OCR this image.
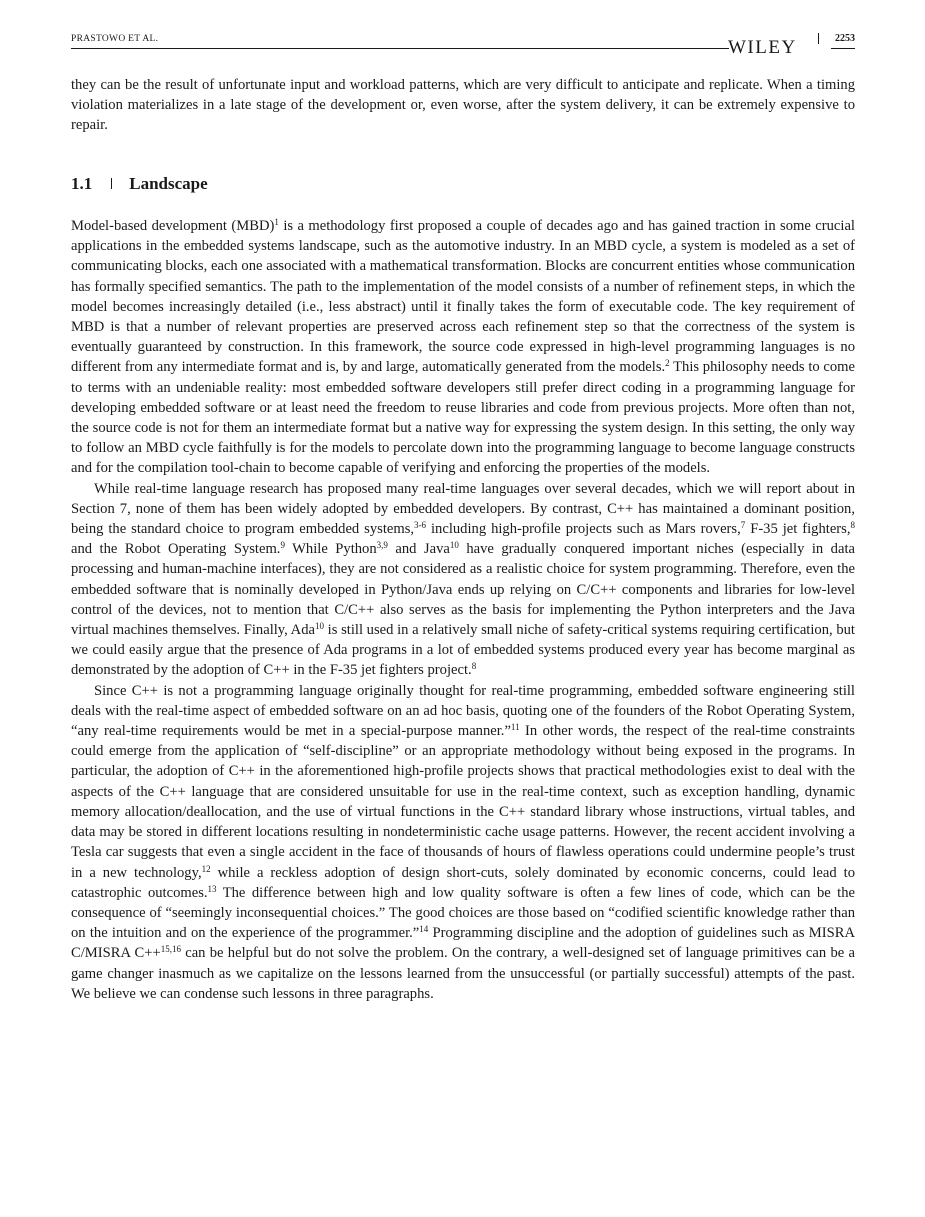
PRASTOWO ET AL.	WILEY	2253

they can be the result of unfortunate input and workload patterns, which are very difficult to anticipate and replicate. When a timing violation materializes in a late stage of the development or, even worse, after the system delivery, it can be extremely expensive to repair.

1.1 Landscape

Model-based development (MBD)$^1$ is a methodology first proposed a couple of decades ago and has gained traction in some crucial applications in the embedded systems landscape, such as the automotive industry. In an MBD cycle, a system is modeled as a set of communicating blocks, each one associated with a mathematical transformation. Blocks are concurrent entities whose communication has formally specified semantics. The path to the implementation of the model consists of a number of refinement steps, in which the model becomes increasingly detailed (i.e., less abstract) until it finally takes the form of executable code. The key requirement of MBD is that a number of relevant properties are preserved across each refinement step so that the correctness of the system is eventually guaranteed by construction. In this framework, the source code expressed in high-level programming languages is no different from any intermediate format and is, by and large, automatically generated from the models.$^2$ This philosophy needs to come to terms with an undeniable reality: most embedded software developers still prefer direct coding in a programming language for developing embedded software or at least need the freedom to reuse libraries and code from previous projects. More often than not, the source code is not for them an intermediate format but a native way for expressing the system design. In this setting, the only way to follow an MBD cycle faithfully is for the models to percolate down into the programming language to become language constructs and for the compilation tool-chain to become capable of verifying and enforcing the properties of the models.

While real-time language research has proposed many real-time languages over several decades, which we will report about in Section 7, none of them has been widely adopted by embedded developers. By contrast, C++ has maintained a dominant position, being the standard choice to program embedded systems,$^{3-6}$ including high-profile projects such as Mars rovers,$^7$ F-35 jet fighters,$^8$ and the Robot Operating System.$^9$ While Python$^{3,9}$ and Java$^{10}$ have gradually conquered important niches (especially in data processing and human-machine interfaces), they are not considered as a realistic choice for system programming. Therefore, even the embedded software that is nominally developed in Python/Java ends up relying on C/C++ components and libraries for low-level control of the devices, not to mention that C/C++ also serves as the basis for implementing the Python interpreters and the Java virtual machines themselves. Finally, Ada$^{10}$ is still used in a relatively small niche of safety-critical systems requiring certification, but we could easily argue that the presence of Ada programs in a lot of embedded systems produced every year has become marginal as demonstrated by the adoption of C++ in the F-35 jet fighters project.$^8$

Since C++ is not a programming language originally thought for real-time programming, embedded software engineering still deals with the real-time aspect of embedded software on an ad hoc basis, quoting one of the founders of the Robot Operating System, “any real-time requirements would be met in a special-purpose manner.”$^{11}$ In other words, the respect of the real-time constraints could emerge from the application of “self-discipline” or an appropriate methodology without being exposed in the programs. In particular, the adoption of C++ in the aforementioned high-profile projects shows that practical methodologies exist to deal with the aspects of the C++ language that are considered unsuitable for use in the real-time context, such as exception handling, dynamic memory allocation/deallocation, and the use of virtual functions in the C++ standard library whose instructions, virtual tables, and data may be stored in different locations resulting in nondeterministic cache usage patterns. However, the recent accident involving a Tesla car suggests that even a single accident in the face of thousands of hours of flawless operations could undermine people’s trust in a new technology,$^{12}$ while a reckless adoption of design short-cuts, solely dominated by economic concerns, could lead to catastrophic outcomes.$^{13}$ The difference between high and low quality software is often a few lines of code, which can be the consequence of “seemingly inconsequential choices.” The good choices are those based on “codified scientific knowledge rather than on the intuition and on the experience of the programmer.”$^{14}$ Programming discipline and the adoption of guidelines such as MISRA C/MISRA C++$^{15,16}$ can be helpful but do not solve the problem. On the contrary, a well-designed set of language primitives can be a game changer inasmuch as we capitalize on the lessons learned from the unsuccessful (or partially successful) attempts of the past. We believe we can condense such lessons in three paragraphs.
